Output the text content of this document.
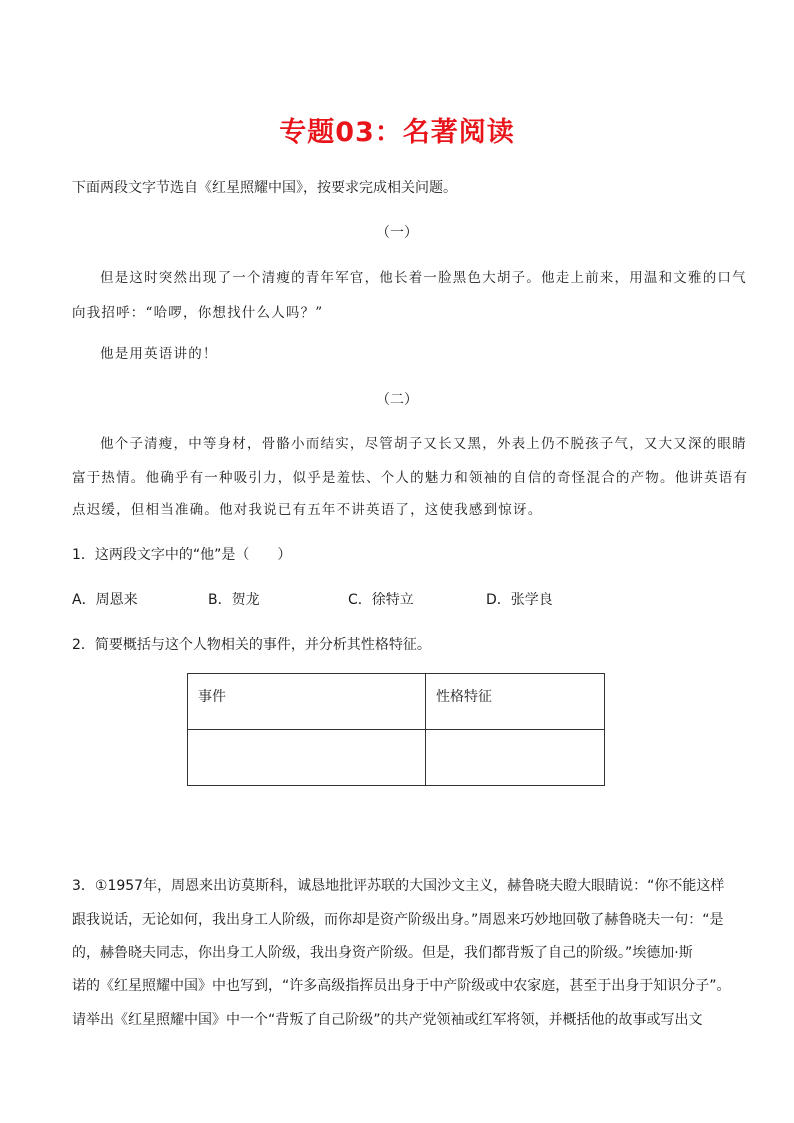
专题03：名著阅读
下面两段文字节选自《红星照耀中国》，按要求完成相关问题。
（一）
但是这时突然出现了一个清瘦的青年军官，他长着一脸黑色大胡子。他走上前来，用温和文雅的口气
向我招呼：“哈啰，你想找什么人吗？”
他是用英语讲的！
（二）
他个子清瘦，中等身材，骨骼小而结实，尽管胡子又长又黑，外表上仍不脱孩子气，又大又深的眼睛
富于热情。他确乎有一种吸引力，似乎是羞怯、个人的魅力和领袖的自信的奇怪混合的产物。他讲英语有
点迟缓，但相当准确。他对我说已有五年不讲英语了，这使我感到惊讶。
1．这两段文字中的“他”是（　　）
A．周恩来	B．贺龙	C．徐特立	D．张学良
2．简要概括与这个人物相关的事件，并分析其性格特征。
事件	性格特征

3．①1957年，周恩来出访莫斯科，诚恳地批评苏联的大国沙文主义，赫鲁晓夫瞪大眼睛说：“你不能这样
跟我说话，无论如何，我出身工人阶级，而你却是资产阶级出身。”周恩来巧妙地回敬了赫鲁晓夫一句：“是
的，赫鲁晓夫同志，你出身工人阶级，我出身资产阶级。但是，我们都背叛了自己的阶级。”埃德加·斯
诺的《红星照耀中国》中也写到，“许多高级指挥员出身于中产阶级或中农家庭，甚至于出身于知识分子”。
请举出《红星照耀中国》中一个“背叛了自己阶级”的共产党领袖或红军将领，并概括他的故事或写出文
